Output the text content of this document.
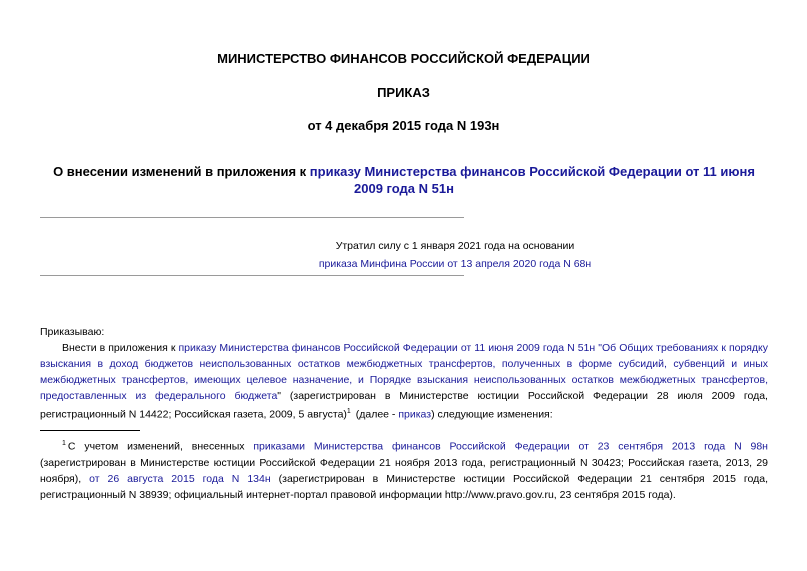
МИНИСТЕРСТВО ФИНАНСОВ РОССИЙСКОЙ ФЕДЕРАЦИИ
ПРИКАЗ
от 4 декабря 2015 года N 193н
О внесении изменений в приложения к приказу Министерства финансов Российской Федерации от 11 июня 2009 года N 51н
Утратил силу с 1 января 2021 года на основании
приказа Минфина России от 13 апреля 2020 года N 68н
Приказываю:
Внести в приложения к приказу Министерства финансов Российской Федерации от 11 июня 2009 года N 51н "Об Общих требованиях к порядку взыскания в доход бюджетов неиспользованных остатков межбюджетных трансфертов, полученных в форме субсидий, субвенций и иных межбюджетных трансфертов, имеющих целевое назначение, и Порядке взыскания неиспользованных остатков межбюджетных трансфертов, предоставленных из федерального бюджета" (зарегистрирован в Министерстве юстиции Российской Федерации 28 июля 2009 года, регистрационный N 14422; Российская газета, 2009, 5 августа)$^1$ (далее - приказ) следующие изменения:
$^1$ С учетом изменений, внесенных приказами Министерства финансов Российской Федерации от 23 сентября 2013 года N 98н (зарегистрирован в Министерстве юстиции Российской Федерации 21 ноября 2013 года, регистрационный N 30423; Российская газета, 2013, 29 ноября), от 26 августа 2015 года N 134н (зарегистрирован в Министерстве юстиции Российской Федерации 21 сентября 2015 года, регистрационный N 38939; официальный интернет-портал правовой информации http://www.pravo.gov.ru, 23 сентября 2015 года).
